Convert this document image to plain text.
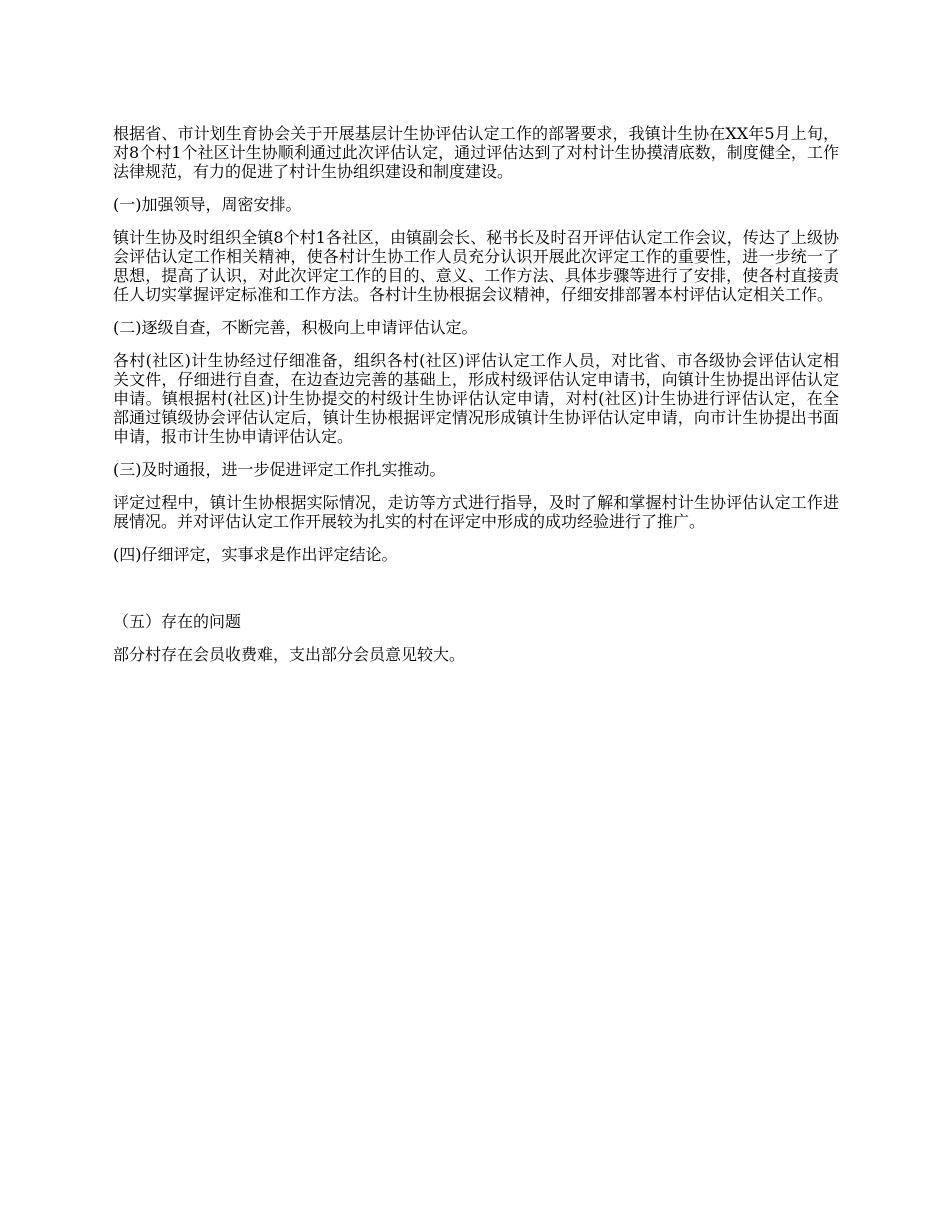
根据省、市计划生育协会关于开展基层计生协评估认定工作的部署要求，我镇计生协在XX年5月上旬，对8个村1个社区计生协顺利通过此次评估认定，通过评估达到了对村计生协摸清底数，制度健全，工作法律规范，有力的促进了村计生协组织建设和制度建设。

(一)加强领导，周密安排。

镇计生协及时组织全镇8个村1各社区，由镇副会长、秘书长及时召开评估认定工作会议，传达了上级协会评估认定工作相关精神，使各村计生协工作人员充分认识开展此次评定工作的重要性，进一步统一了思想，提高了认识，对此次评定工作的目的、意义、工作方法、具体步骤等进行了安排，使各村直接责任人切实掌握评定标准和工作方法。各村计生协根据会议精神，仔细安排部署本村评估认定相关工作。

(二)逐级自查，不断完善，积极向上申请评估认定。

各村(社区)计生协经过仔细准备，组织各村(社区)评估认定工作人员，对比省、市各级协会评估认定相关文件，仔细进行自查，在边查边完善的基础上，形成村级评估认定申请书，向镇计生协提出评估认定申请。镇根据村(社区)计生协提交的村级计生协评估认定申请，对村(社区)计生协进行评估认定，在全部通过镇级协会评估认定后，镇计生协根据评定情况形成镇计生协评估认定申请，向市计生协提出书面申请，报市计生协申请评估认定。

(三)及时通报，进一步促进评定工作扎实推动。

评定过程中，镇计生协根据实际情况，走访等方式进行指导，及时了解和掌握村计生协评估认定工作进展情况。并对评估认定工作开展较为扎实的村在评定中形成的成功经验进行了推广。

(四)仔细评定，实事求是作出评定结论。

（五）存在的问题

部分村存在会员收费难，支出部分会员意见较大。
